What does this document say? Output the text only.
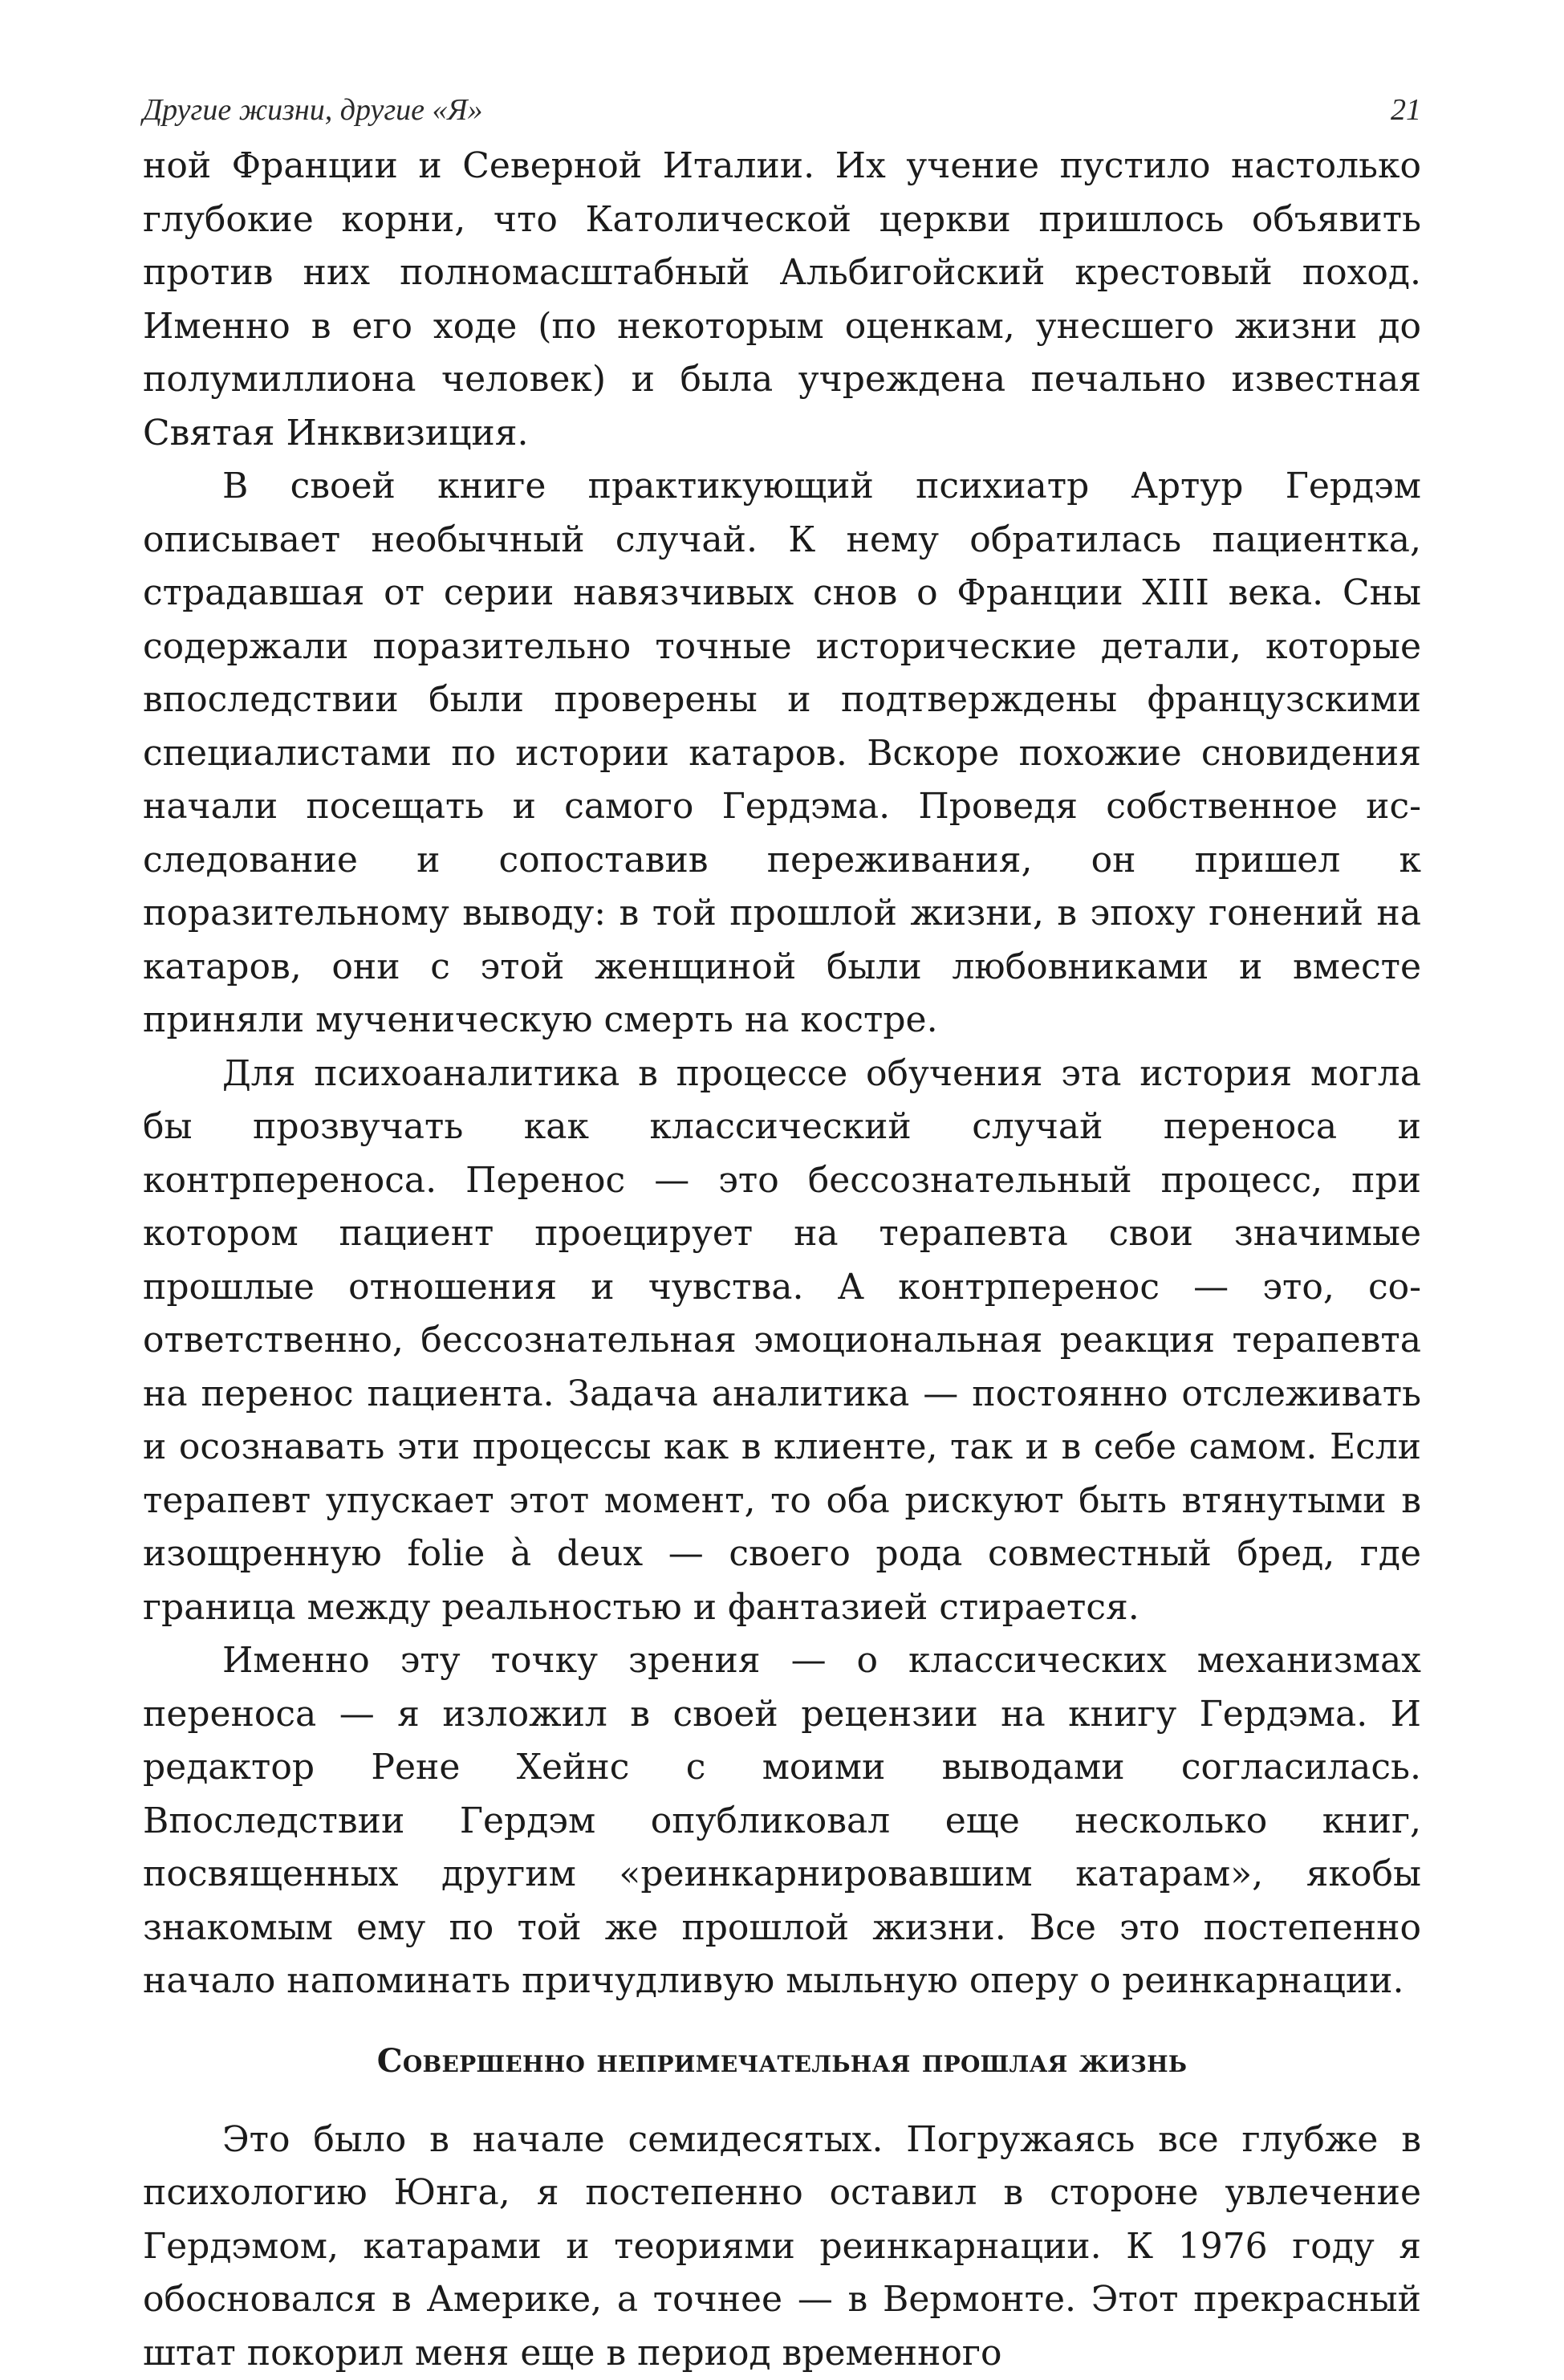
Другие жизни, другие «Я»	21

ной Франции и Северной Италии. Их учение пустило настолько глубокие корни, что Католической церкви пришлось объявить против них полномасштабный Альбигойский крестовый поход. Именно в его ходе (по некоторым оценкам, унесшего жизни до полумиллиона человек) и была учреждена печально известная Святая Инквизиция.

В своей книге практикующий психиатр Артур Гердэм описывает необычный случай. К нему обратилась пациентка, страдавшая от серии навязчивых снов о Франции XIII века. Сны содержали поразительно точные исторические детали, которые впоследствии были проверены и подтверждены французскими специалистами по истории катаров. Вскоре похожие сновидения начали посещать и самого Гердэма. Проведя собственное исследование и сопоставив переживания, он пришел к поразительному выводу: в той прошлой жизни, в эпоху гонений на катаров, они с этой женщиной были любовниками и вместе приняли мученическую смерть на костре.

Для психоаналитика в процессе обучения эта история могла бы прозвучать как классический случай переноса и контрпереноса. Перенос — это бессознательный процесс, при котором пациент проецирует на терапевта свои значимые прошлые отношения и чувства. А контрперенос — это, соответственно, бессознательная эмоциональная реакция терапевта на перенос пациента. Задача аналитика — постоянно отслеживать и осознавать эти процессы как в клиенте, так и в себе самом. Если терапевт упускает этот момент, то оба рискуют быть втянутыми в изощренную folie à deux — своего рода совместный бред, где граница между реальностью и фантазией стирается.

Именно эту точку зрения — о классических механизмах переноса — я изложил в своей рецензии на книгу Гердэма. И редактор Рене Хейнс с моими выводами согласилась. Впоследствии Гердэм опубликовал еще несколько книг, посвященных другим «реинкарнировавшим катарам», якобы знакомым ему по той же прошлой жизни. Все это постепенно начало напоминать причудливую мыльную оперу о реинкарнации.

Совершенно непримечательная прошлая жизнь

Это было в начале семидесятых. Погружаясь все глубже в психологию Юнга, я постепенно оставил в стороне увлечение Гердэмом, катарами и теориями реинкарнации. К 1976 году я обосновался в Америке, а точнее — в Вермонте. Этот прекрасный штат покорил меня еще в период временного
